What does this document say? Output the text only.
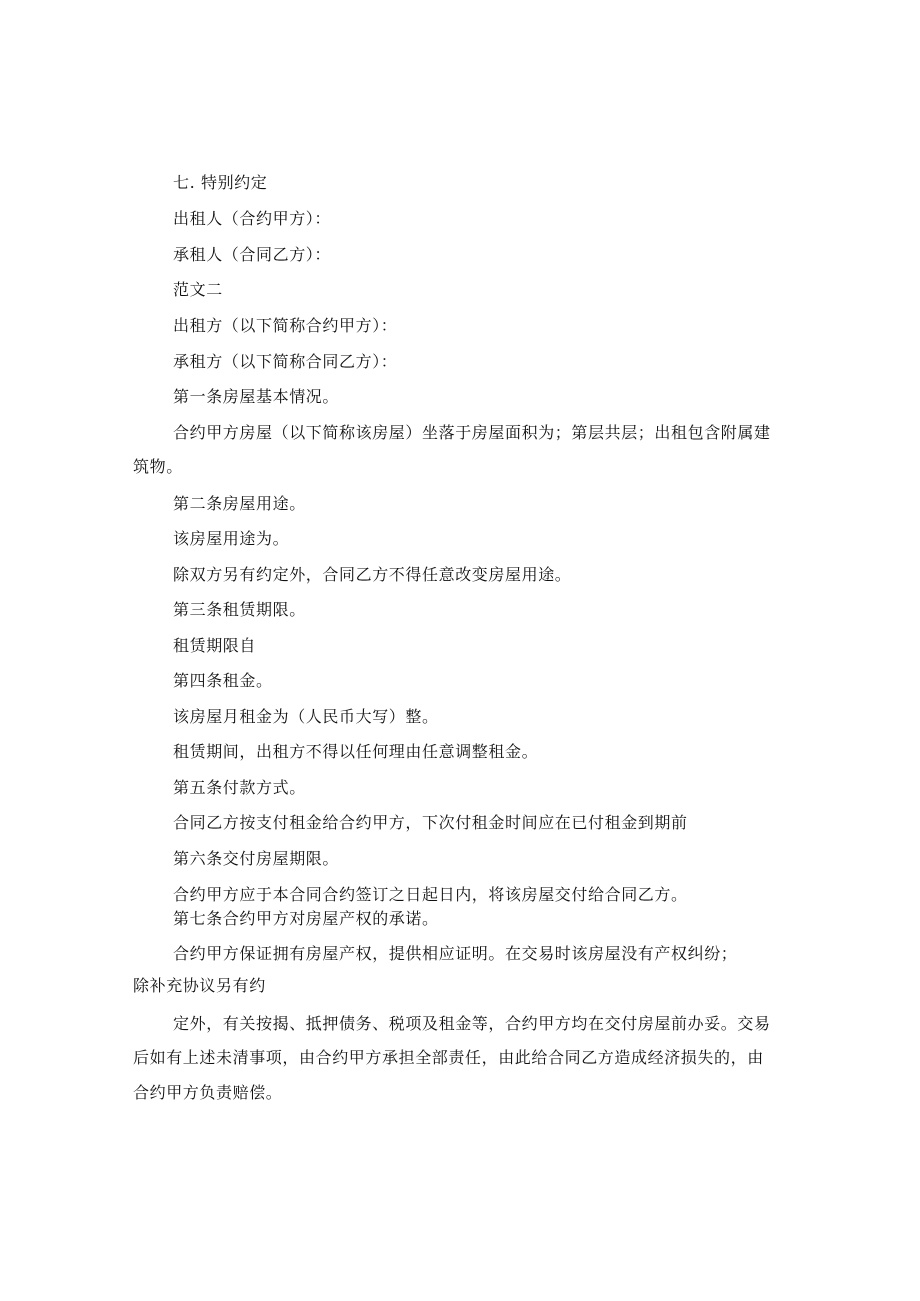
七. 特别约定
出租人（合约甲方）：
承租人（合同乙方）：
范文二
出租方（以下简称合约甲方）：
承租方（以下简称合同乙方）：
第一条房屋基本情况。
合约甲方房屋（以下简称该房屋）坐落于房屋面积为；第层共层；出租包含附属建
筑物。
第二条房屋用途。
该房屋用途为。
除双方另有约定外，合同乙方不得任意改变房屋用途。
第三条租赁期限。
租赁期限自
第四条租金。
该房屋月租金为（人民币大写）整。
租赁期间，出租方不得以任何理由任意调整租金。
第五条付款方式。
合同乙方按支付租金给合约甲方，下次付租金时间应在已付租金到期前
第六条交付房屋期限。
合约甲方应于本合同合约签订之日起日内，将该房屋交付给合同乙方。
第七条合约甲方对房屋产权的承诺。
合约甲方保证拥有房屋产权，提供相应证明。在交易时该房屋没有产权纠纷；
除补充协议另有约
定外，有关按揭、抵押债务、税项及租金等，合约甲方均在交付房屋前办妥。交易
后如有上述未清事项，由合约甲方承担全部责任，由此给合同乙方造成经济损失的，由
合约甲方负责赔偿。
